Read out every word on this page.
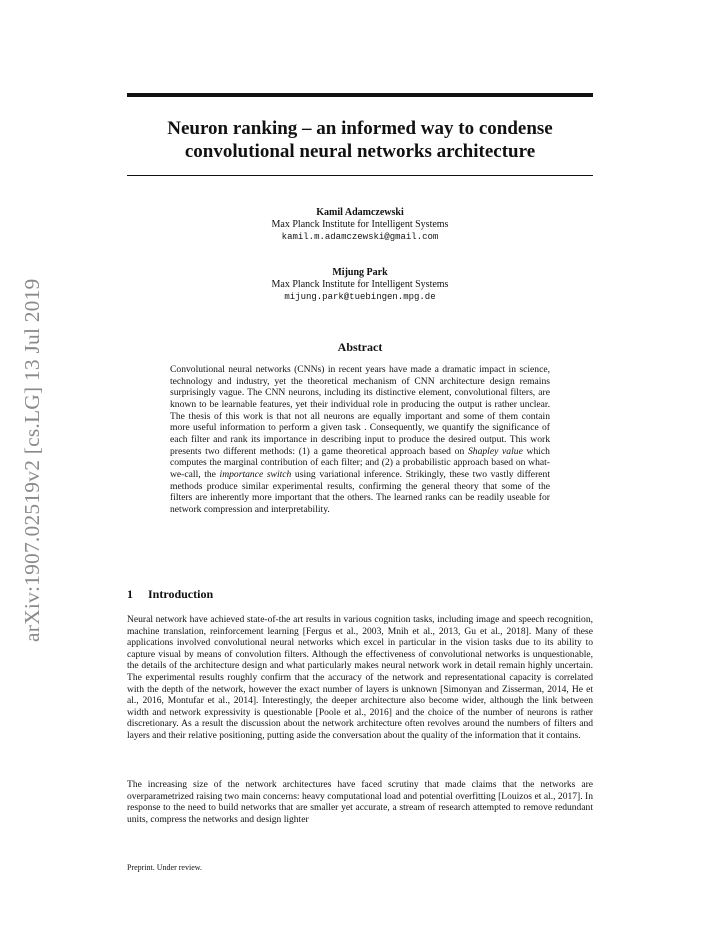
arXiv:1907.02519v2 [cs.LG] 13 Jul 2019
Neuron ranking – an informed way to condense
convolutional neural networks architecture
Kamil Adamczewski
Max Planck Institute for Intelligent Systems
kamil.m.adamczewski@gmail.com
Mijung Park
Max Planck Institute for Intelligent Systems
mijung.park@tuebingen.mpg.de
Abstract

Convolutional neural networks (CNNs) in recent years have made a dramatic impact in science, technology and industry, yet the theoretical mechanism of CNN architecture design remains surprisingly vague. The CNN neurons, including its distinctive element, convolutional filters, are known to be learnable features, yet their individual role in producing the output is rather unclear. The thesis of this work is that not all neurons are equally important and some of them contain more useful information to perform a given task . Consequently, we quantify the significance of each filter and rank its importance in describing input to produce the desired output. This work presents two different methods: (1) a game theoretical approach based on Shapley value which computes the marginal contribution of each filter; and (2) a probabilistic approach based on what-we-call, the importance switch using variational inference. Strikingly, these two vastly different methods produce similar experimental results, confirming the general theory that some of the filters are inherently more important that the others. The learned ranks can be readily useable for network compression and interpretability.

1 Introduction

Neural network have achieved state-of-the art results in various cognition tasks, including image and speech recognition, machine translation, reinforcement learning [Fergus et al., 2003, Mnih et al., 2013, Gu et al., 2018]. Many of these applications involved convolutional neural networks which excel in particular in the vision tasks due to its ability to capture visual by means of convolution filters. Although the effectiveness of convolutional networks is unquestionable, the details of the architecture design and what particularly makes neural network work in detail remain highly uncertain. The experimental results roughly confirm that the accuracy of the network and representational capacity is correlated with the depth of the network, however the exact number of layers is unknown [Simonyan and Zisserman, 2014, He et al., 2016, Montufar et al., 2014]. Interestingly, the deeper architecture also become wider, although the link between width and network expressivity is questionable [Poole et al., 2016] and the choice of the number of neurons is rather discretionary. As a result the discussion about the network architecture often revolves around the numbers of filters and layers and their relative positioning, putting aside the conversation about the quality of the information that it contains.

The increasing size of the network architectures have faced scrutiny that made claims that the networks are overparametrized raising two main concerns: heavy computational load and potential overfitting [Louizos et al., 2017]. In response to the need to build networks that are smaller yet accurate, a stream of research attempted to remove redundant units, compress the networks and design lighter

Preprint. Under review.
